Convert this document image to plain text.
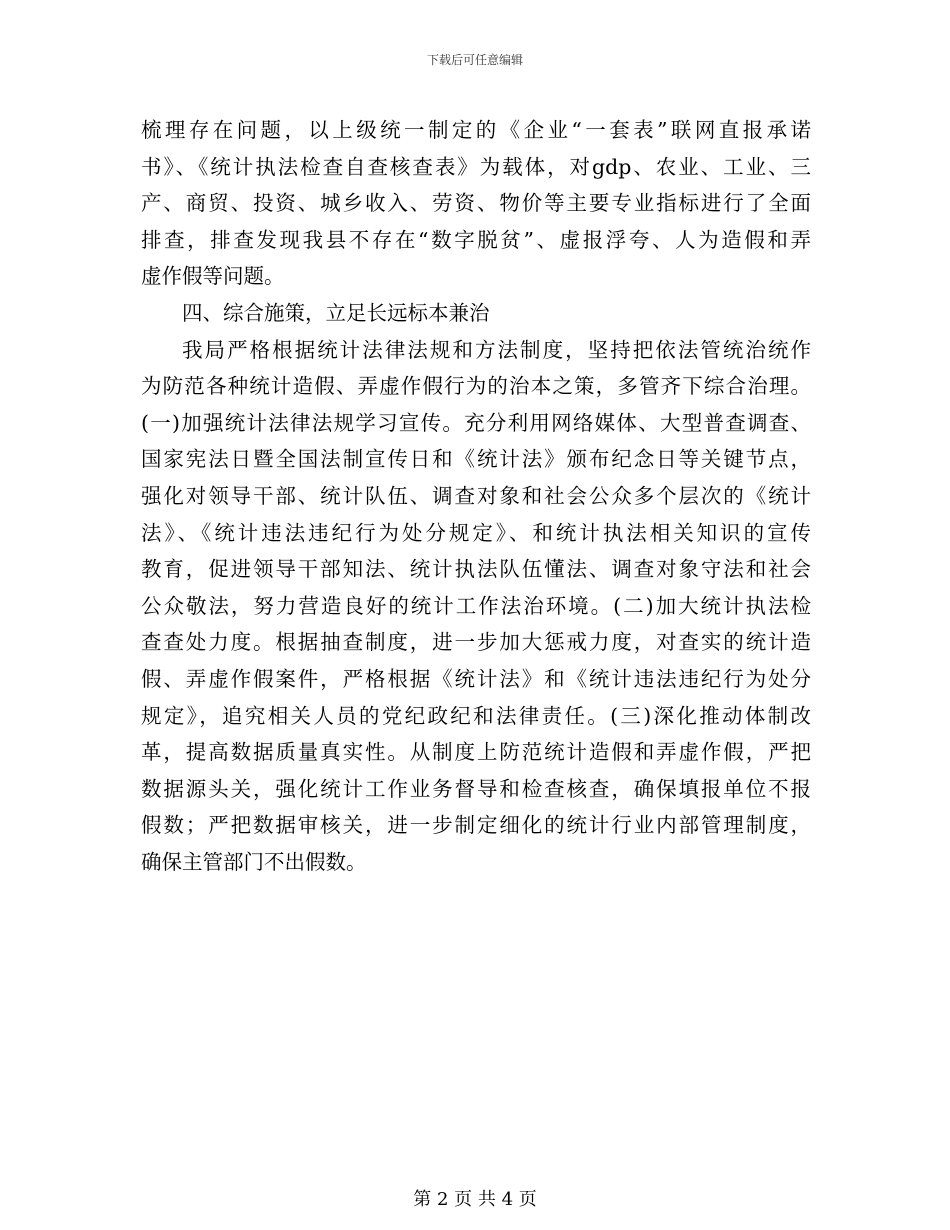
下载后可任意编辑
梳理存在问题，以上级统一制定的《企业“一套表”联网直报承诺
书》、《统计执法检查自查核查表》为载体，对gdp、农业、工业、三
产、商贸、投资、城乡收入、劳资、物价等主要专业指标进行了全面
排查，排查发现我县不存在“数字脱贫”、虚报浮夸、人为造假和弄
虚作假等问题。
四、综合施策，立足长远标本兼治
我局严格根据统计法律法规和方法制度，坚持把依法管统治统作
为防范各种统计造假、弄虚作假行为的治本之策，多管齐下综合治理。
(一)加强统计法律法规学习宣传。充分利用网络媒体、大型普查调查、
国家宪法日暨全国法制宣传日和《统计法》颁布纪念日等关键节点，
强化对领导干部、统计队伍、调查对象和社会公众多个层次的《统计
法》、《统计违法违纪行为处分规定》、和统计执法相关知识的宣传
教育，促进领导干部知法、统计执法队伍懂法、调查对象守法和社会
公众敬法，努力营造良好的统计工作法治环境。(二)加大统计执法检
查查处力度。根据抽查制度，进一步加大惩戒力度，对查实的统计造
假、弄虚作假案件，严格根据《统计法》和《统计违法违纪行为处分
规定》，追究相关人员的党纪政纪和法律责任。(三)深化推动体制改
革，提高数据质量真实性。从制度上防范统计造假和弄虚作假，严把
数据源头关，强化统计工作业务督导和检查核查，确保填报单位不报
假数；严把数据审核关，进一步制定细化的统计行业内部管理制度，
确保主管部门不出假数。
第 2 页 共 4 页
